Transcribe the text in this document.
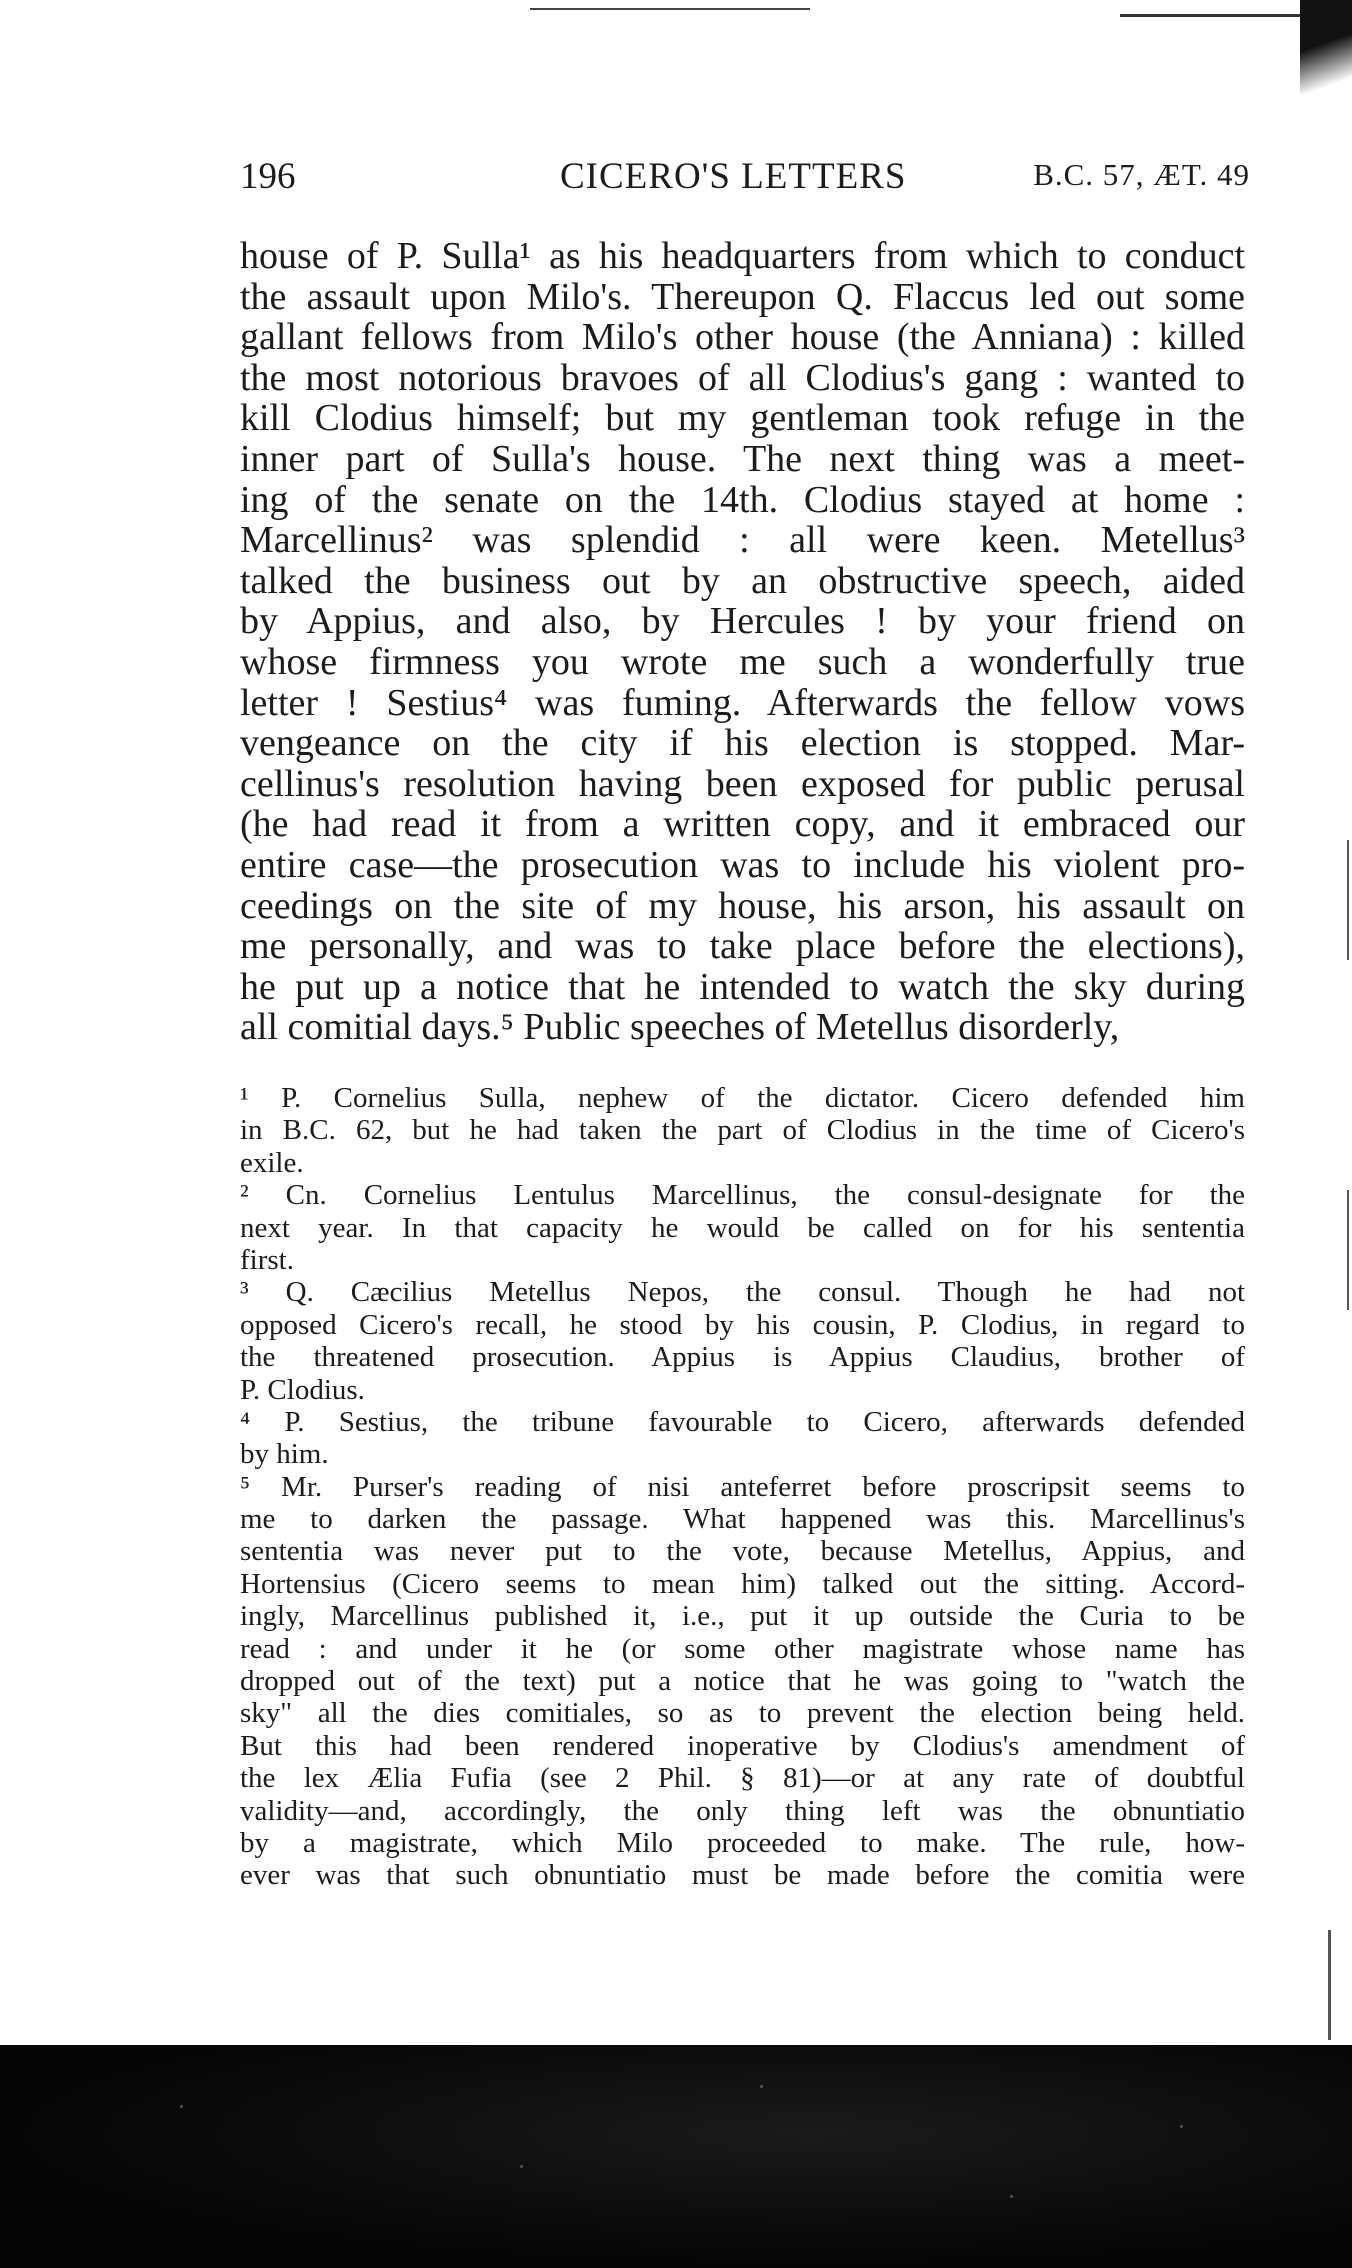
196	CICERO'S LETTERS	B.C. 57, ÆT. 49
house of P. Sulla¹ as his headquarters from which to conduct
the assault upon Milo's. Thereupon Q. Flaccus led out some
gallant fellows from Milo's other house (the Anniana) : killed
the most notorious bravoes of all Clodius's gang : wanted to
kill Clodius himself; but my gentleman took refuge in the
inner part of Sulla's house. The next thing was a meet-
ing of the senate on the 14th. Clodius stayed at home :
Marcellinus² was splendid : all were keen. Metellus³
talked the business out by an obstructive speech, aided
by Appius, and also, by Hercules ! by your friend on
whose firmness you wrote me such a wonderfully true
letter ! Sestius⁴ was fuming. Afterwards the fellow vows
vengeance on the city if his election is stopped. Mar-
cellinus's resolution having been exposed for public perusal
(he had read it from a written copy, and it embraced our
entire case—the prosecution was to include his violent pro-
ceedings on the site of my house, his arson, his assault on
me personally, and was to take place before the elections),
he put up a notice that he intended to watch the sky during
all comitial days.⁵ Public speeches of Metellus disorderly,
¹ P. Cornelius Sulla, nephew of the dictator. Cicero defended him
in B.C. 62, but he had taken the part of Clodius in the time of Cicero's
exile.
² Cn. Cornelius Lentulus Marcellinus, the consul-designate for the
next year. In that capacity he would be called on for his sententia
first.
³ Q. Cæcilius Metellus Nepos, the consul. Though he had not
opposed Cicero's recall, he stood by his cousin, P. Clodius, in regard to
the threatened prosecution. Appius is Appius Claudius, brother of
P. Clodius.
⁴ P. Sestius, the tribune favourable to Cicero, afterwards defended
by him.
⁵ Mr. Purser's reading of nisi anteferret before proscripsit seems to
me to darken the passage. What happened was this. Marcellinus's
sententia was never put to the vote, because Metellus, Appius, and
Hortensius (Cicero seems to mean him) talked out the sitting. Accord-
ingly, Marcellinus published it, i.e., put it up outside the Curia to be
read : and under it he (or some other magistrate whose name has
dropped out of the text) put a notice that he was going to "watch the
sky" all the dies comitiales, so as to prevent the election being held.
But this had been rendered inoperative by Clodius's amendment of
the lex Ælia Fufia (see 2 Phil. § 81)—or at any rate of doubtful
validity—and, accordingly, the only thing left was the obnuntiatio
by a magistrate, which Milo proceeded to make. The rule, how-
ever was that such obnuntiatio must be made before the comitia were
